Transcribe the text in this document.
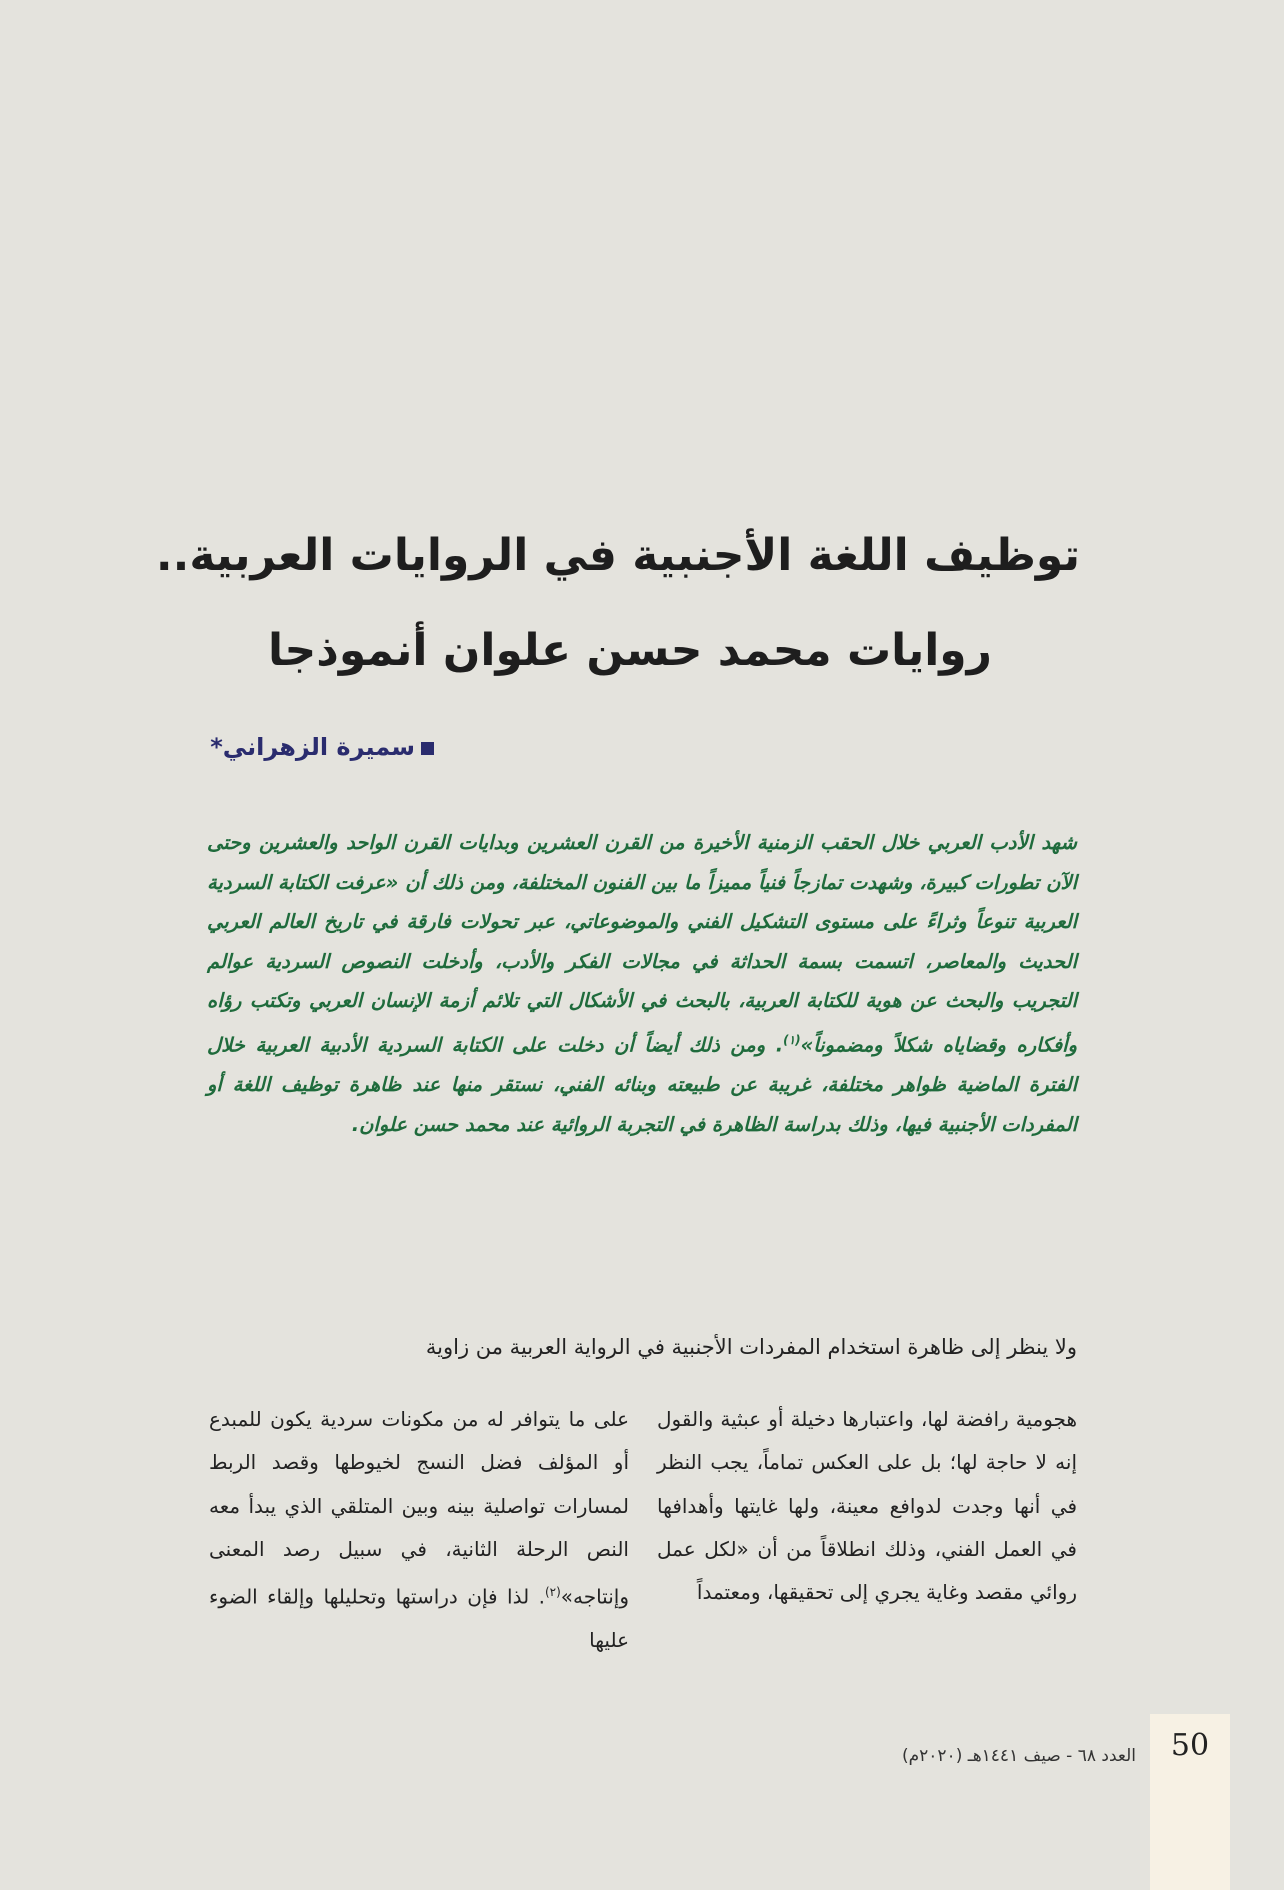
توظيف اللغة الأجنبية في الروايات العربية..
روايات محمد حسن علوان أنموذجا
سميرة الزهراني*
شهد الأدب العربي خلال الحقب الزمنية الأخيرة من القرن العشرين وبدايات القرن الواحد والعشرين وحتى الآن تطورات كبيرة، وشهدت تمازجاً فنياً مميزاً ما بين الفنون المختلفة، ومن ذلك أن «عرفت الكتابة السردية العربية تنوعاً وثراءً على مستوى التشكيل الفني والموضوعاتي، عبر تحولات فارقة في تاريخ العالم العربي الحديث والمعاصر، اتسمت بسمة الحداثة في مجالات الفكر والأدب، وأدخلت النصوص السردية عوالم التجريب والبحث عن هوية للكتابة العربية، بالبحث في الأشكال التي تلائم أزمة الإنسان العربي وتكتب رؤاه وأفكاره وقضاياه شكلاً ومضموناً»$^{(١)}$. ومن ذلك أيضاً أن دخلت على الكتابة السردية الأدبية العربية خلال الفترة الماضية ظواهر مختلفة، غريبة عن طبيعته وبنائه الفني، نستقر منها عند ظاهرة توظيف اللغة أو المفردات الأجنبية فيها، وذلك بدراسة الظاهرة في التجربة الروائية عند محمد حسن علوان.
ولا ينظر إلى ظاهرة استخدام المفردات الأجنبية في الرواية العربية من زاوية
هجومية رافضة لها، واعتبارها دخيلة أو عبثية والقول إنه لا حاجة لها؛ بل على العكس تماماً، يجب النظر في أنها وجدت لدوافع معينة، ولها غايتها وأهدافها في العمل الفني، وذلك انطلاقاً من أن «لكل عمل روائي مقصد وغاية يجري إلى تحقيقها، ومعتمداً
على ما يتوافر له من مكونات سردية يكون للمبدع أو المؤلف فضل النسج لخيوطها وقصد الربط لمسارات تواصلية بينه وبين المتلقي الذي يبدأ معه النص الرحلة الثانية، في سبيل رصد المعنى وإنتاجه»$^{(٢)}$. لذا فإن دراستها وتحليلها وإلقاء الضوء عليها
50
العدد ٦٨ - صيف ١٤٤١هـ (٢٠٢٠م)
